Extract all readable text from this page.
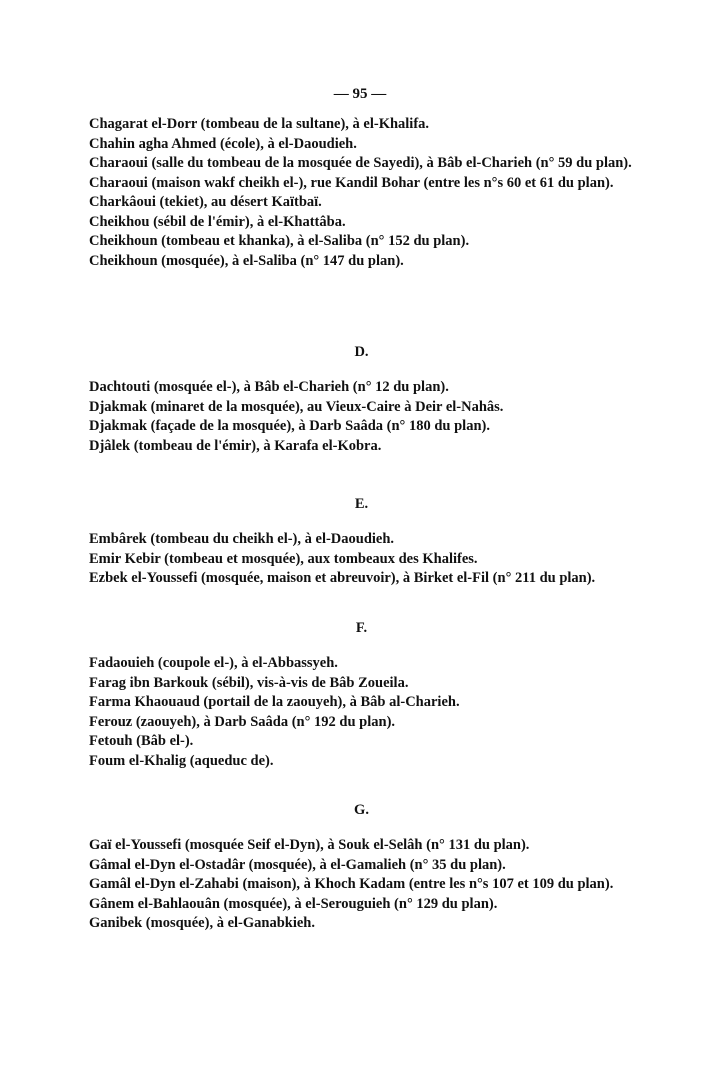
— 95 —
Chagarat el-Dorr (tombeau de la sultane), à el-Khalifa.
Chahin agha Ahmed (école), à el-Daoudieh.
Charaoui (salle du tombeau de la mosquée de Sayedi), à Bâb el-Charieh (n° 59 du plan).
Charaoui (maison wakf cheikh el-), rue Kandil Bohar (entre les n°s 60 et 61 du plan).
Charkâoui (tekiet), au désert Kaïtbaï.
Cheikhou (sébil de l'émir), à el-Khattâba.
Cheikhoun (tombeau et khanka), à el-Saliba (n° 152 du plan).
Cheikhoun (mosquée), à el-Saliba (n° 147 du plan).
D.
Dachtouti (mosquée el-), à Bâb el-Charieh (n° 12 du plan).
Djakmak (minaret de la mosquée), au Vieux-Caire à Deir el-Nahâs.
Djakmak (façade de la mosquée), à Darb Saâda (n° 180 du plan).
Djâlek (tombeau de l'émir), à Karafa el-Kobra.
E.
Embârek (tombeau du cheikh el-), à el-Daoudieh.
Emir Kebir (tombeau et mosquée), aux tombeaux des Khalifes.
Ezbek el-Youssefi (mosquée, maison et abreuvoir), à Birket el-Fil (n° 211 du plan).
F.
Fadaouieh (coupole el-), à el-Abbassyeh.
Farag ibn Barkouk (sébil), vis-à-vis de Bâb Zoueila.
Farma Khaouaud (portail de la zaouyeh), à Bâb al-Charieh.
Ferouz (zaouyeh), à Darb Saâda (n° 192 du plan).
Fetouh (Bâb el-).
Foum el-Khalig (aqueduc de).
G.
Gaï el-Youssefi (mosquée Seif el-Dyn), à Souk el-Selâh (n° 131 du plan).
Gâmal el-Dyn el-Ostadâr (mosquée), à el-Gamalieh (n° 35 du plan).
Gamâl el-Dyn el-Zahabi (maison), à Khoch Kadam (entre les n°s 107 et 109 du plan).
Gânem el-Bahlaouân (mosquée), à el-Serouguieh (n° 129 du plan).
Ganibek (mosquée), à el-Ganabkieh.
